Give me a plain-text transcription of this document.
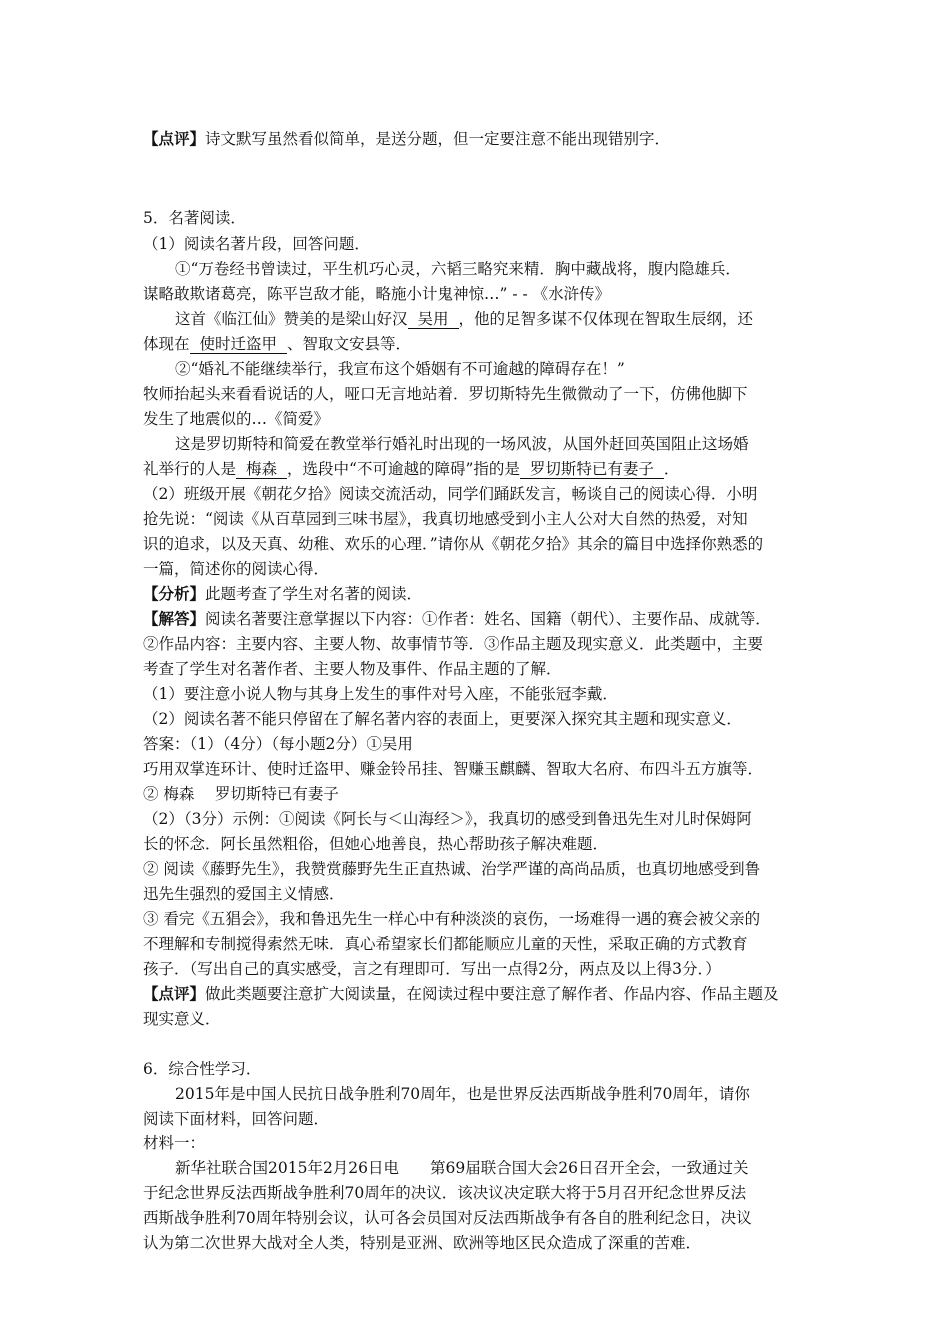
【点评】诗文默写虽然看似简单，是送分题，但一定要注意不能出现错别字．
5．名著阅读．
（1）阅读名著片段，回答问题．
①“万卷经书曾读过，平生机巧心灵，六韬三略究来精．胸中藏战将，腹内隐雄兵．
谋略敢欺诸葛亮，陈平岂敌才能，略施小计鬼神惊…” - - 《水浒传》
这首《临江仙》赞美的是梁山好汉 吴用 ，他的足智多谋不仅体现在智取生辰纲，还
体现在 使时迁盗甲 、智取文安县等．
②“婚礼不能继续举行，我宣布这个婚姻有不可逾越的障碍存在！”
牧师抬起头来看看说话的人，哑口无言地站着．罗切斯特先生微微动了一下，仿佛他脚下
发生了地震似的…《简爱》
这是罗切斯特和简爱在教堂举行婚礼时出现的一场风波，从国外赶回英国阻止这场婚
礼举行的人是 梅森 ，选段中“不可逾越的障碍”指的是 罗切斯特已有妻子 ．
（2）班级开展《朝花夕拾》阅读交流活动，同学们踊跃发言，畅谈自己的阅读心得．小明
抢先说：“阅读《从百草园到三味书屋》，我真切地感受到小主人公对大自然的热爱，对知
识的追求，以及天真、幼稚、欢乐的心理．”请你从《朝花夕拾》其余的篇目中选择你熟悉的
一篇，简述你的阅读心得．
【分析】此题考查了学生对名著的阅读．
【解答】阅读名著要注意掌握以下内容：①作者：姓名、国籍（朝代）、主要作品、成就等．
②作品内容：主要内容、主要人物、故事情节等．③作品主题及现实意义．此类题中，主要
考查了学生对名著作者、主要人物及事件、作品主题的了解．
（1）要注意小说人物与其身上发生的事件对号入座，不能张冠李戴．
（2）阅读名著不能只停留在了解名著内容的表面上，更要深入探究其主题和现实意义．
答案：（1）（4分）（每小题2分）①吴用
巧用双掌连环计、使时迁盗甲、赚金铃吊挂、智赚玉麒麟、智取大名府、布四斗五方旗等．
② 梅森　 罗切斯特已有妻子
（2）（3分）示例：①阅读《阿长与＜山海经＞》，我真切的感受到鲁迅先生对儿时保姆阿
长的怀念．阿长虽然粗俗，但她心地善良，热心帮助孩子解决难题．
② 阅读《藤野先生》，我赞赏藤野先生正直热诚、治学严谨的高尚品质，也真切地感受到鲁
迅先生强烈的爱国主义情感．
③ 看完《五猖会》，我和鲁迅先生一样心中有种淡淡的哀伤，一场难得一遇的赛会被父亲的
不理解和专制搅得索然无味．真心希望家长们都能顺应儿童的天性，采取正确的方式教育
孩子．（写出自己的真实感受，言之有理即可．写出一点得2分，两点及以上得3分．）
【点评】做此类题要注意扩大阅读量，在阅读过程中要注意了解作者、作品内容、作品主题及
现实意义．
6．综合性学习．
2015年是中国人民抗日战争胜利70周年，也是世界反法西斯战争胜利70周年，请你
阅读下面材料，回答问题．
材料一：
新华社联合国2015年2月26日电　　第69届联合国大会26日召开全会，一致通过关
于纪念世界反法西斯战争胜利70周年的决议．该决议决定联大将于5月召开纪念世界反法
西斯战争胜利70周年特别会议，认可各会员国对反法西斯战争有各自的胜利纪念日，决议
认为第二次世界大战对全人类，特别是亚洲、欧洲等地区民众造成了深重的苦难．
